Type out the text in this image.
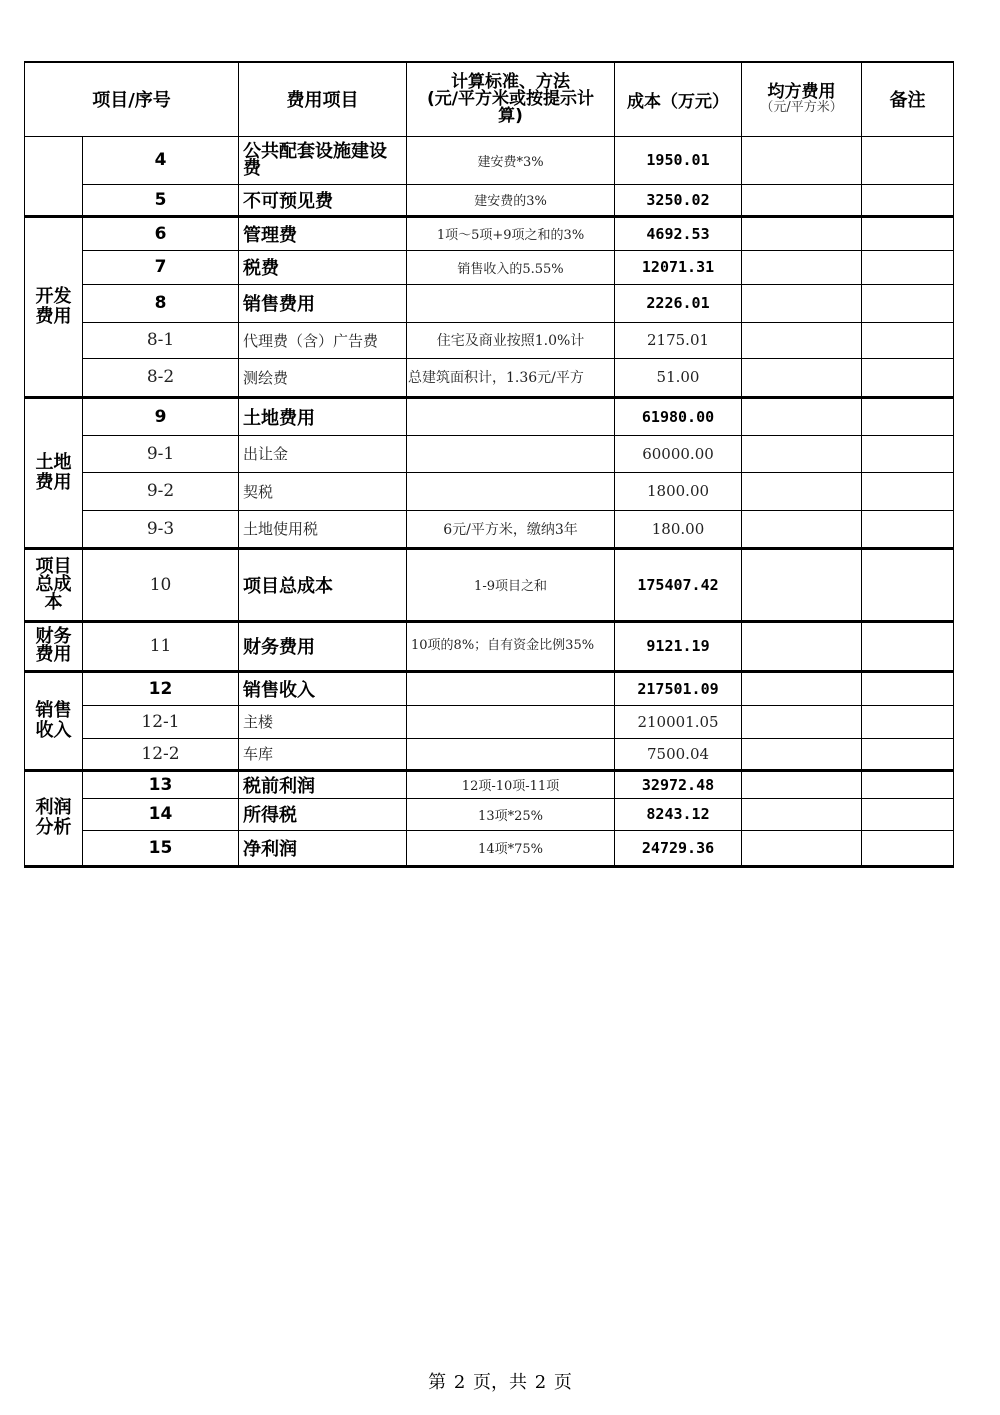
项目/序号		费用项目	计算标准、方法
(元/平方米或按提示计
算)	成本（万元）	均方费用
（元/平方米）	备注
	4	公共配套设施建设费	建安费*3%	1950.01		
	5	不可预见费	建安费的3%	3250.02		
开发费用	6	管理费	1项～5项+9项之和的3%	4692.53		
	7	税费	销售收入的5.55%	12071.31		
	8	销售费用		2226.01		
	8-1	代理费（含）广告费	住宅及商业按照1.0%计	2175.01		
	8-2	测绘费	总建筑面积计，1.36元/平方	51.00		
土地费用	9	土地费用		61980.00		
	9-1	出让金		60000.00		
	9-2	契税		1800.00		
	9-3	土地使用税	6元/平方米，缴纳3年	180.00		
项目总成本	10	项目总成本	1-9项目之和	175407.42		
财务费用	11	财务费用	10项的8%；自有资金比例35%	9121.19		
销售收入	12	销售收入		217501.09		
	12-1	主楼		210001.05		
	12-2	车库		7500.04		
利润分析	13	税前利润	12项-10项-11项	32972.48		
	14	所得税	13项*25%	8243.12		
	15	净利润	14项*75%	24729.36		
第 2 页，共 2 页
